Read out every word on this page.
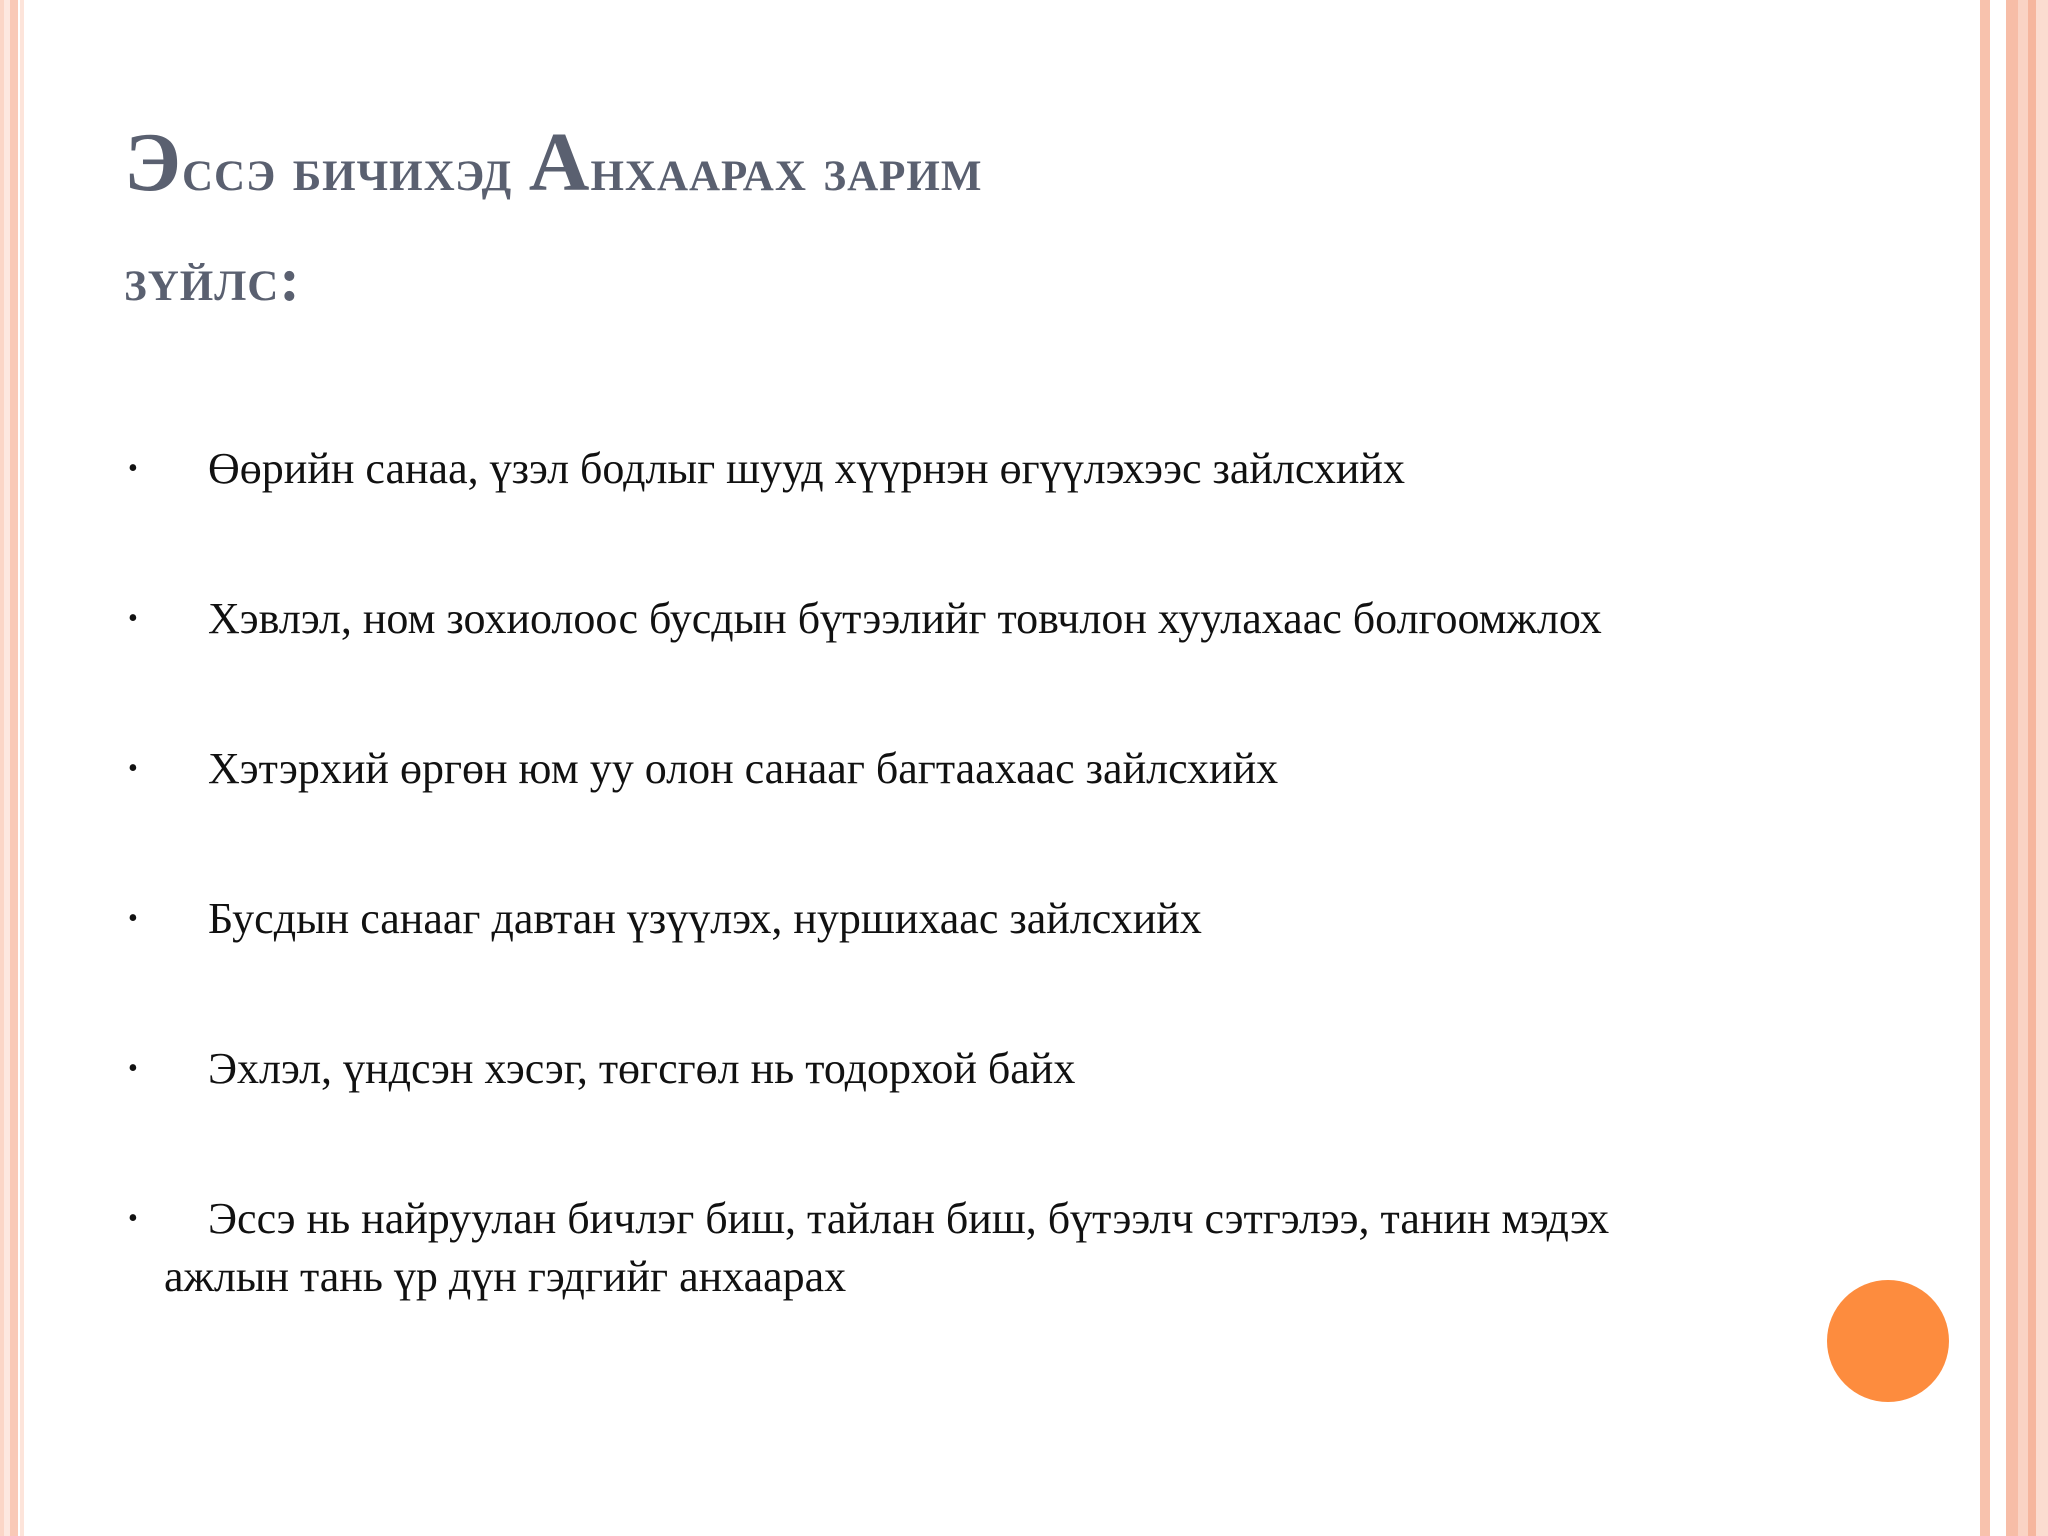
Эссэ бичихэд Анхаарах зарим
зүйлс:
• Өөрийн санаа, үзэл бодлыг шууд хүүрнэн өгүүлэхээс зайлсхийх
• Хэвлэл, ном зохиолоос бусдын бүтээлийг товчлон хуулахаас болгоомжлох
• Хэтэрхий өргөн юм уу олон санааг багтаахаас зайлсхийх
• Бусдын санааг давтан үзүүлэх, нуршихаас зайлсхийх
• Эхлэл, үндсэн хэсэг, төгсгөл нь тодорхой байх
• Эссэ нь найруулан бичлэг биш, тайлан биш, бүтээлч сэтгэлээ, танин мэдэх ажлын тань үр дүн гэдгийг анхаарах
